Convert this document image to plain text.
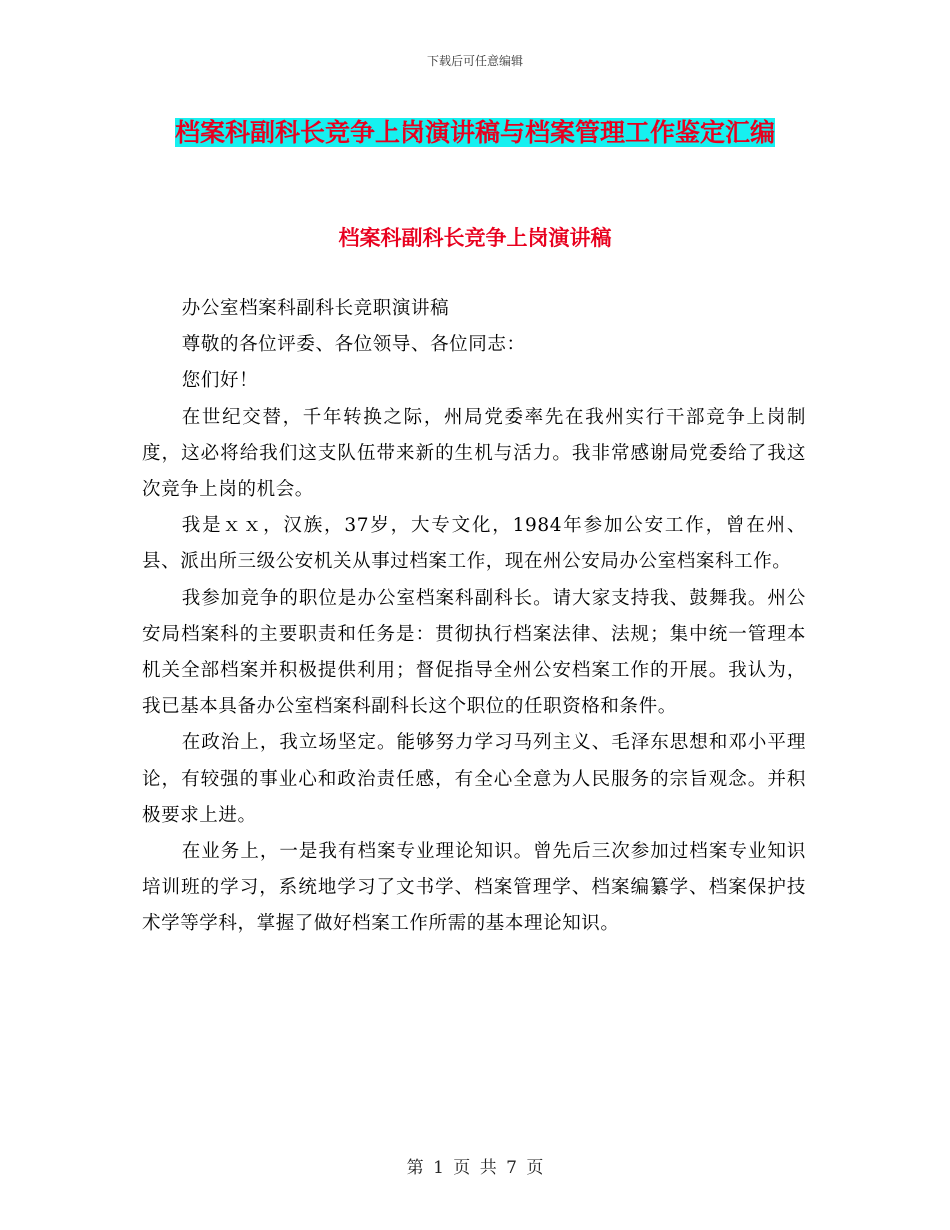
下载后可任意编辑
档案科副科长竞争上岗演讲稿与档案管理工作鉴定汇编
档案科副科长竞争上岗演讲稿

办公室档案科副科长竞职演讲稿

尊敬的各位评委、各位领导、各位同志：

您们好！

在世纪交替，千年转换之际，州局党委率先在我州实行干部竞争上岗制度，这必将给我们这支队伍带来新的生机与活力。我非常感谢局党委给了我这次竞争上岗的机会。

我是ｘｘ，汉族，37岁，大专文化，1984年参加公安工作，曾在州、县、派出所三级公安机关从事过档案工作，现在州公安局办公室档案科工作。

我参加竞争的职位是办公室档案科副科长。请大家支持我、鼓舞我。州公安局档案科的主要职责和任务是：贯彻执行档案法律、法规；集中统一管理本机关全部档案并积极提供利用；督促指导全州公安档案工作的开展。我认为，我已基本具备办公室档案科副科长这个职位的任职资格和条件。

在政治上，我立场坚定。能够努力学习马列主义、毛泽东思想和邓小平理论，有较强的事业心和政治责任感，有全心全意为人民服务的宗旨观念。并积极要求上进。

在业务上，一是我有档案专业理论知识。曾先后三次参加过档案专业知识培训班的学习，系统地学习了文书学、档案管理学、档案编纂学、档案保护技术学等学科，掌握了做好档案工作所需的基本理论知识。

第 1 页 共 7 页
